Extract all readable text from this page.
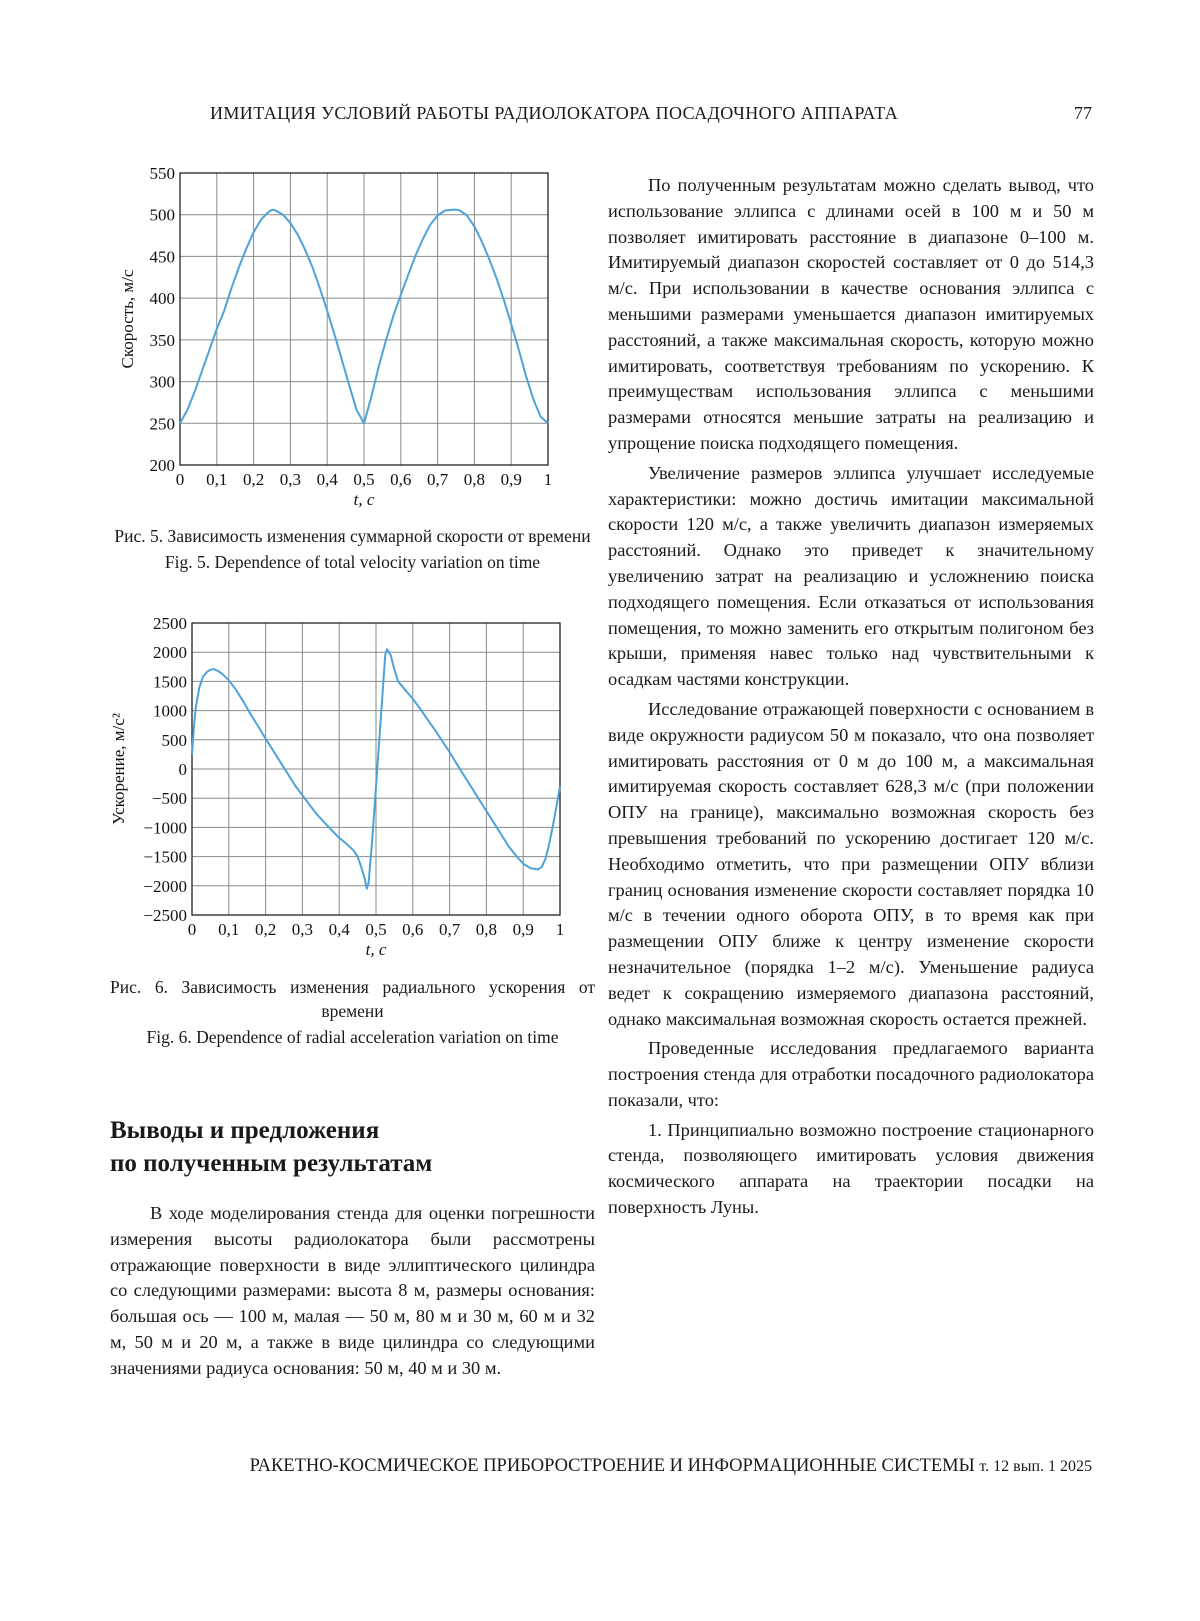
ИМИТАЦИЯ УСЛОВИЙ РАБОТЫ РАДИОЛОКАТОРА ПОСАДОЧНОГО АППАРАТА	77
0 0,1 0,2 0,3 0,4 0,5 0,6 0,7 0,8 0,9 1
200
250
300
350
400
450
500
550
t, с
Скорость, м/с
Рис. 5. Зависимость изменения суммарной скорости от времени
Fig. 5. Dependence of total velocity variation on time
0 0,1 0,2 0,3 0,4 0,5 0,6 0,7 0,8 0,9 1
−2500
−2000
−1500
−1000
−500
0
500
1000
1500
2000
2500
t, с
Ускорение, м/с²
Рис. 6. Зависимость изменения радиального ускорения от времени
Fig. 6. Dependence of radial acceleration variation on time
Выводы и предложения
по полученным результатам

В ходе моделирования стенда для оценки погрешности измерения высоты радиолокатора были рассмотрены отражающие поверхности в виде эллиптического цилиндра со следующими размерами: высота 8 м, размеры основания: большая ось — 100 м, малая — 50 м, 80 м и 30 м, 60 м и 32 м, 50 м и 20 м, а также в виде цилиндра со следующими значениями радиуса основания: 50 м, 40 м и 30 м.

По полученным результатам можно сделать вывод, что использование эллипса с длинами осей в 100 м и 50 м позволяет имитировать расстояние в диапазоне 0–100 м. Имитируемый диапазон скоростей составляет от 0 до 514,3 м/с. При использовании в качестве основания эллипса с меньшими размерами уменьшается диапазон имитируемых расстояний, а также максимальная скорость, которую можно имитировать, соответствуя требованиям по ускорению. К преимуществам использования эллипса с меньшими размерами относятся меньшие затраты на реализацию и упрощение поиска подходящего помещения.

Увеличение размеров эллипса улучшает исследуемые характеристики: можно достичь имитации максимальной скорости 120 м/с, а также увеличить диапазон измеряемых расстояний. Однако это приведет к значительному увеличению затрат на реализацию и усложнению поиска подходящего помещения. Если отказаться от использования помещения, то можно заменить его открытым полигоном без крыши, применяя навес только над чувствительными к осадкам частями конструкции.

Исследование отражающей поверхности с основанием в виде окружности радиусом 50 м показало, что она позволяет имитировать расстояния от 0 м до 100 м, а максимальная имитируемая скорость составляет 628,3 м/с (при положении ОПУ на границе), максимально возможная скорость без превышения требований по ускорению достигает 120 м/с. Необходимо отметить, что при размещении ОПУ вблизи границ основания изменение скорости составляет порядка 10 м/с в течении одного оборота ОПУ, в то время как при размещении ОПУ ближе к центру изменение скорости незначительное (порядка 1–2 м/с). Уменьшение радиуса ведет к сокращению измеряемого диапазона расстояний, однако максимальная возможная скорость остается прежней.

Проведенные исследования предлагаемого варианта построения стенда для отработки посадочного радиолокатора показали, что:

1. Принципиально возможно построение стационарного стенда, позволяющего имитировать условия движения космического аппарата на траектории посадки на поверхность Луны.

РАКЕТНО-КОСМИЧЕСКОЕ ПРИБОРОСТРОЕНИЕ И ИНФОРМАЦИОННЫЕ СИСТЕМЫ т. 12 вып. 1 2025
